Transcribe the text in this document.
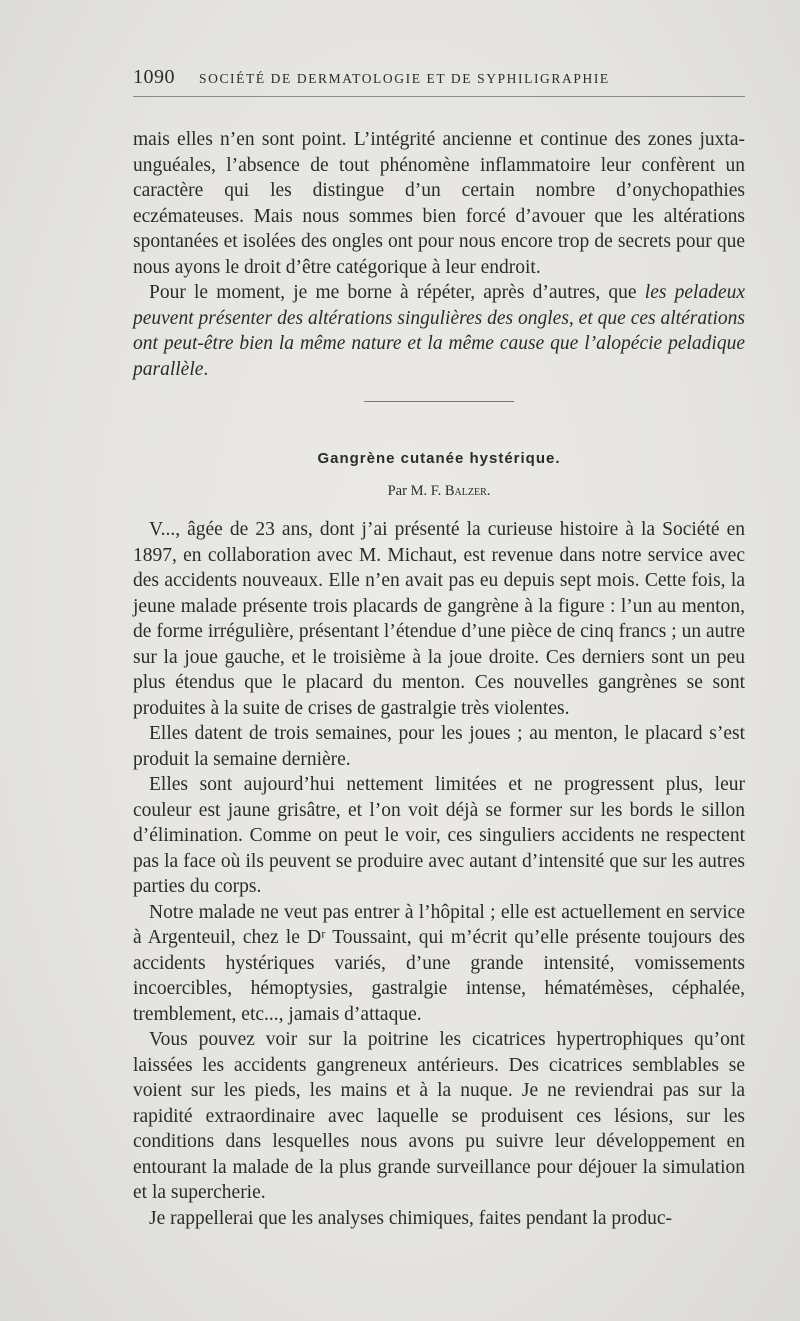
1090 SOCIÉTÉ DE DERMATOLOGIE ET DE SYPHILIGRAPHIE

mais elles n’en sont point. L’intégrité ancienne et continue des zones juxta-unguéales, l’absence de tout phénomène inflammatoire leur confèrent un caractère qui les distingue d’un certain nombre d’onychopathies eczémateuses. Mais nous sommes bien forcé d’avouer que les altérations spontanées et isolées des ongles ont pour nous encore trop de secrets pour que nous ayons le droit d’être catégorique à leur endroit.

Pour le moment, je me borne à répéter, après d’autres, que les peladeux peuvent présenter des altérations singulières des ongles, et que ces altérations ont peut-être bien la même nature et la même cause que l’alopécie peladique parallèle.

Gangrène cutanée hystérique.
Par M. F. Balzer.

V..., âgée de 23 ans, dont j’ai présenté la curieuse histoire à la Société en 1897, en collaboration avec M. Michaut, est revenue dans notre service avec des accidents nouveaux. Elle n’en avait pas eu depuis sept mois. Cette fois, la jeune malade présente trois placards de gangrène à la figure : l’un au menton, de forme irrégulière, présentant l’étendue d’une pièce de cinq francs ; un autre sur la joue gauche, et le troisième à la joue droite. Ces derniers sont un peu plus étendus que le placard du menton. Ces nouvelles gangrènes se sont produites à la suite de crises de gastralgie très violentes.

Elles datent de trois semaines, pour les joues ; au menton, le placard s’est produit la semaine dernière.

Elles sont aujourd’hui nettement limitées et ne progressent plus, leur couleur est jaune grisâtre, et l’on voit déjà se former sur les bords le sillon d’élimination. Comme on peut le voir, ces singuliers accidents ne respectent pas la face où ils peuvent se produire avec autant d’intensité que sur les autres parties du corps.

Notre malade ne veut pas entrer à l’hôpital ; elle est actuellement en service à Argenteuil, chez le Dʳ Toussaint, qui m’écrit qu’elle présente toujours des accidents hystériques variés, d’une grande intensité, vomissements incoercibles, hémoptysies, gastralgie intense, hématémèses, céphalée, tremblement, etc..., jamais d’attaque.

Vous pouvez voir sur la poitrine les cicatrices hypertrophiques qu’ont laissées les accidents gangreneux antérieurs. Des cicatrices semblables se voient sur les pieds, les mains et à la nuque. Je ne reviendrai pas sur la rapidité extraordinaire avec laquelle se produisent ces lésions, sur les conditions dans lesquelles nous avons pu suivre leur développement en entourant la malade de la plus grande surveillance pour déjouer la simulation et la supercherie.

Je rappellerai que les analyses chimiques, faites pendant la produc-
